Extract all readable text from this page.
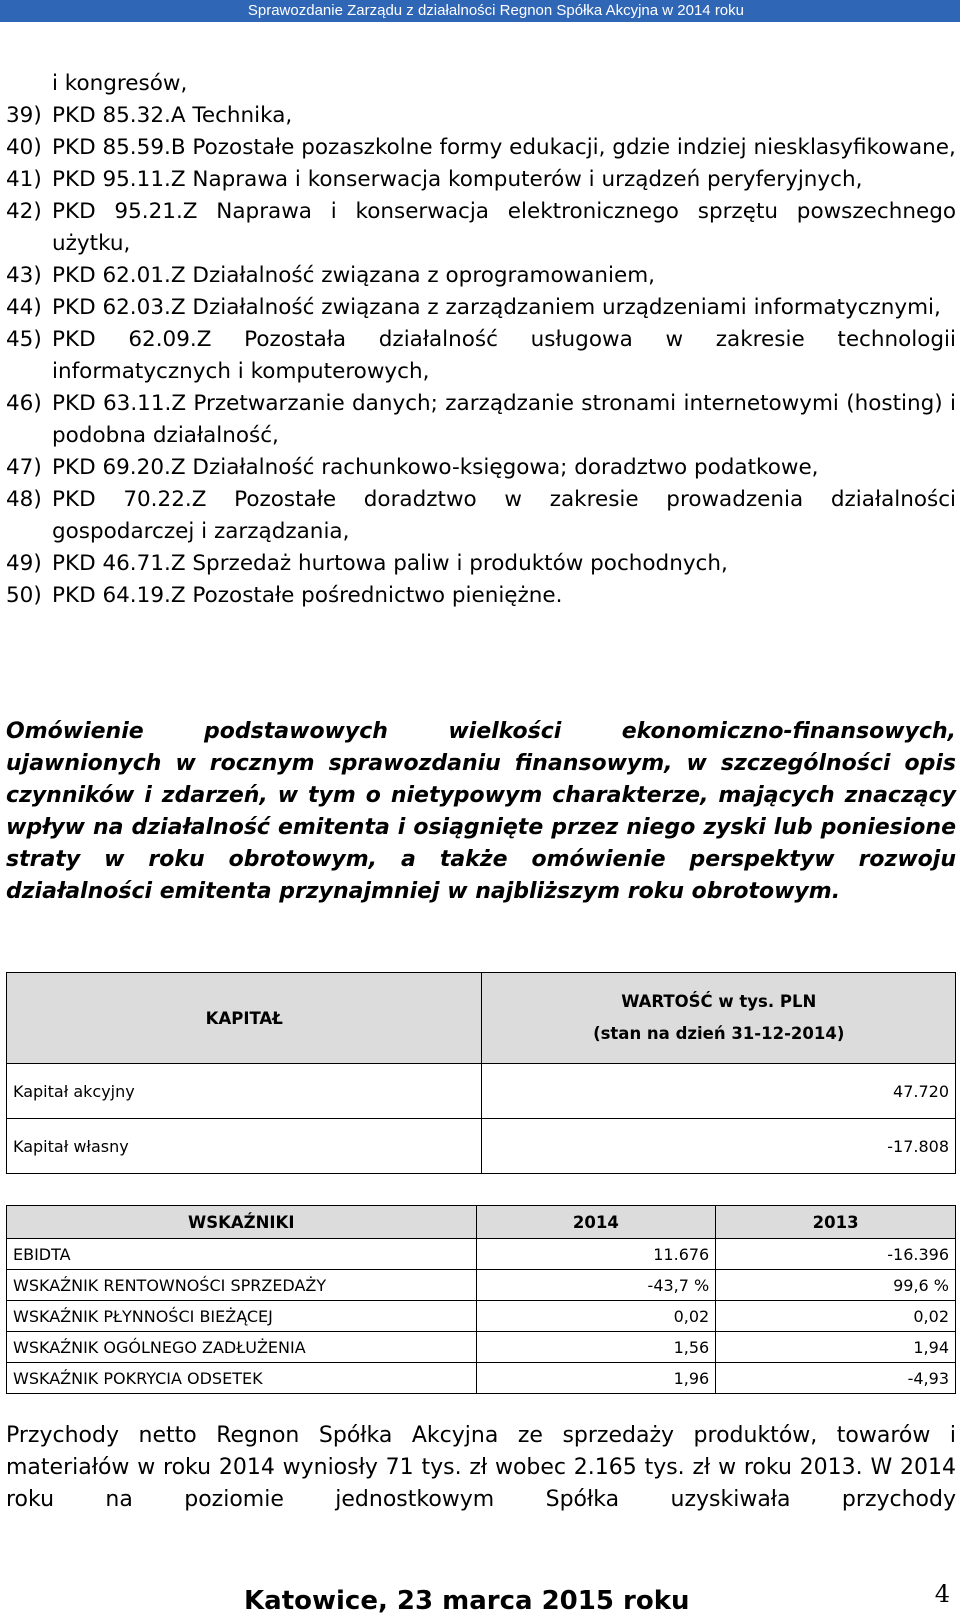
Sprawozdanie Zarządu z działalności Regnon Spółka Akcyjna w 2014 roku
i kongresów,
39) PKD 85.32.A Technika,
40) PKD 85.59.B Pozostałe pozaszkolne formy edukacji, gdzie indziej niesklasyfikowane,
41) PKD 95.11.Z Naprawa i konserwacja komputerów i urządzeń peryferyjnych,
42) PKD 95.21.Z Naprawa i konserwacja elektronicznego sprzętu powszechnego użytku,
43) PKD 62.01.Z Działalność związana z oprogramowaniem,
44) PKD 62.03.Z Działalność związana z zarządzaniem urządzeniami informatycznymi,
45) PKD 62.09.Z Pozostała działalność usługowa w zakresie technologii informatycznych i komputerowych,
46) PKD 63.11.Z Przetwarzanie danych; zarządzanie stronami internetowymi (hosting) i podobna działalność,
47) PKD 69.20.Z Działalność rachunkowo-księgowa; doradztwo podatkowe,
48) PKD 70.22.Z Pozostałe doradztwo w zakresie prowadzenia działalności gospodarczej i zarządzania,
49) PKD 46.71.Z Sprzedaż hurtowa paliw i produktów pochodnych,
50) PKD 64.19.Z Pozostałe pośrednictwo pieniężne.
Omówienie podstawowych wielkości ekonomiczno-finansowych, ujawnionych w rocznym sprawozdaniu finansowym, w szczególności opis czynników i zdarzeń, w tym o nietypowym charakterze, mających znaczący wpływ na działalność emitenta i osiągnięte przez niego zyski lub poniesione straty w roku obrotowym, a także omówienie perspektyw rozwoju działalności emitenta przynajmniej w najbliższym roku obrotowym.
KAPITAŁ	WARTOŚĆ w tys. PLN
(stan na dzień 31-12-2014)

Kapitał akcyjny	47.720
Kapitał własny	-17.808
WSKAŹNIKI	2014	2013
EBIDTA	11.676	-16.396
WSKAŹNIK RENTOWNOŚCI SPRZEDAŻY	-43,7 %	99,6 %
WSKAŹNIK PŁYNNOŚCI BIEŻĄCEJ	0,02	0,02
WSKAŹNIK OGÓLNEGO ZADŁUŻENIA	1,56	1,94
WSKAŹNIK POKRYCIA ODSETEK	1,96	-4,93
Przychody netto Regnon Spółka Akcyjna ze sprzedaży produktów, towarów i materiałów w roku 2014 wyniosły 71 tys. zł wobec 2.165 tys. zł w roku 2013. W 2014 roku na poziomie jednostkowym Spółka uzyskiwała przychody
Katowice, 23 marca 2015 roku	4
